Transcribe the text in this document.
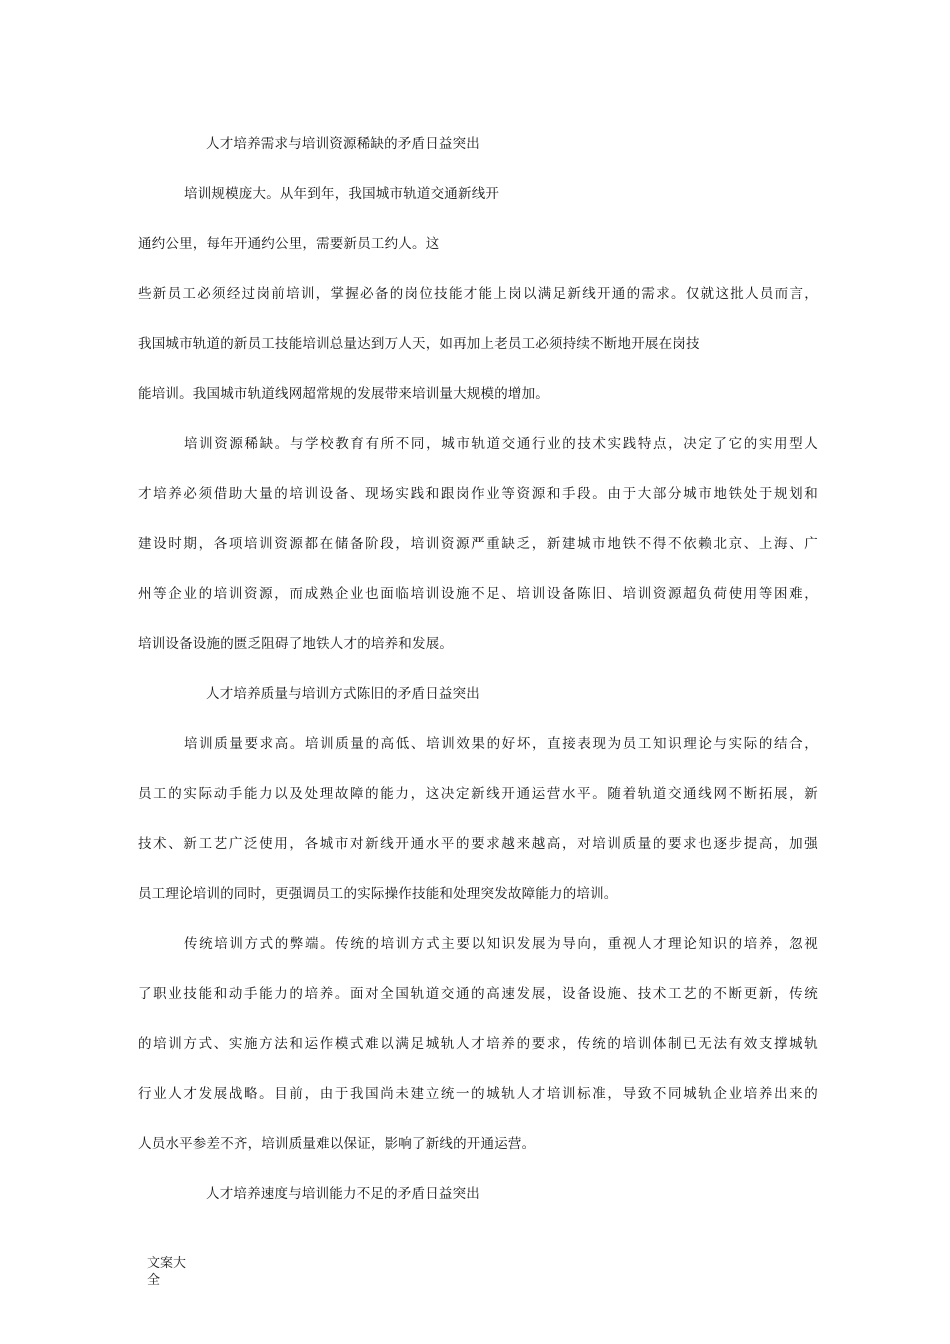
人才培养需求与培训资源稀缺的矛盾日益突出
培训规模庞大。从年到年，我国城市轨道交通新线开
通约公里，每年开通约公里，需要新员工约人。这
些新员工必须经过岗前培训，掌握必备的岗位技能才能上岗以满足新线开通的需求。仅就这批人员而言，
我国城市轨道的新员工技能培训总量达到万人天，如再加上老员工必须持续不断地开展在岗技
能培训。我国城市轨道线网超常规的发展带来培训量大规模的增加。
培训资源稀缺。与学校教育有所不同，城市轨道交通行业的技术实践特点，决定了它的实用型人
才培养必须借助大量的培训设备、现场实践和跟岗作业等资源和手段。由于大部分城市地铁处于规划和
建设时期，各项培训资源都在储备阶段，培训资源严重缺乏，新建城市地铁不得不依赖北京、上海、广
州等企业的培训资源，而成熟企业也面临培训设施不足、培训设备陈旧、培训资源超负荷使用等困难，
培训设备设施的匮乏阻碍了地铁人才的培养和发展。
人才培养质量与培训方式陈旧的矛盾日益突出
培训质量要求高。培训质量的高低、培训效果的好坏，直接表现为员工知识理论与实际的结合，
员工的实际动手能力以及处理故障的能力，这决定新线开通运营水平。随着轨道交通线网不断拓展，新
技术、新工艺广泛使用，各城市对新线开通水平的要求越来越高，对培训质量的要求也逐步提高，加强
员工理论培训的同时，更强调员工的实际操作技能和处理突发故障能力的培训。
传统培训方式的弊端。传统的培训方式主要以知识发展为导向，重视人才理论知识的培养，忽视
了职业技能和动手能力的培养。面对全国轨道交通的高速发展，设备设施、技术工艺的不断更新，传统
的培训方式、实施方法和运作模式难以满足城轨人才培养的要求，传统的培训体制已无法有效支撑城轨
行业人才发展战略。目前，由于我国尚未建立统一的城轨人才培训标准，导致不同城轨企业培养出来的
人员水平参差不齐，培训质量难以保证，影响了新线的开通运营。
人才培养速度与培训能力不足的矛盾日益突出
文案大全
